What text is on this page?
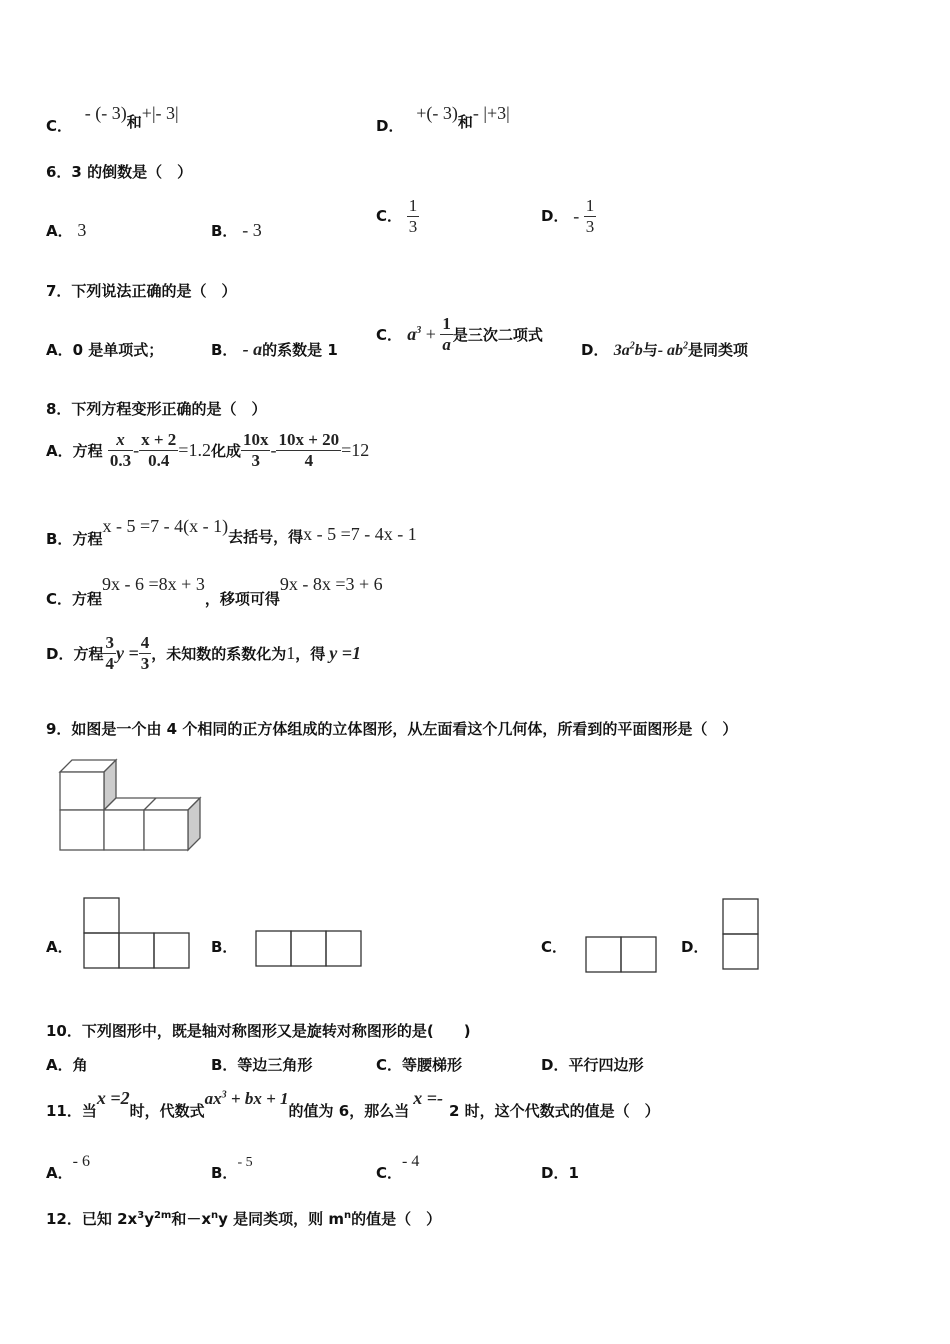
C． - (- 3)和+|- 3|
D． +(- 3)和- |+3|
6．3 的倒数是（　）
A． 3	B． - 3
C． $\frac{1}{3}$	D． - $\frac{1}{3}$
7．下列说法正确的是（　）
A．0 是单项式；	B． - a的系数是 1
C． $a^3 + \frac{1}{a}$ 是三次二项式
D． $3a^2b$与- $ab^2$是同类项
8．下列方程变形正确的是（　）
A．方程 $\frac{x}{0.3} - \frac{x + 2}{0.4} =1.2$化成 $\frac{10x}{3} - \frac{10x + 20}{4} =12$
B．方程x - 5 =7 - 4(x - 1)去括号，得x - 5 =7 - 4x - 1
C．方程9x - 6 =8x + 3，移项可得9x - 8x =3 + 6
D．方程 $\frac{3}{4}$ $y = \frac{4}{3}$ ，未知数的系数化为1，得 y =1
9．如图是一个由 4 个相同的正方体组成的立体图形，从左面看这个几何体，所看到的平面图形是（　）
A．	B．	C．	D．
10．下列图形中，既是轴对称图形又是旋转对称图形的是(　　)
A．角	B．等边三角形	C．等腰梯形	D．平行四边形
11．当x =2时，代数式$ax^3$ + bx + 1的值为 6，那么当x =-2 时，这个代数式的值是（　）
A．- 6
B．- 5
C．- 4
D．1
12．已知 $2x^3y^{2m}$和$-x^ny$ 是同类项，则 $m^n$的值是（　）
